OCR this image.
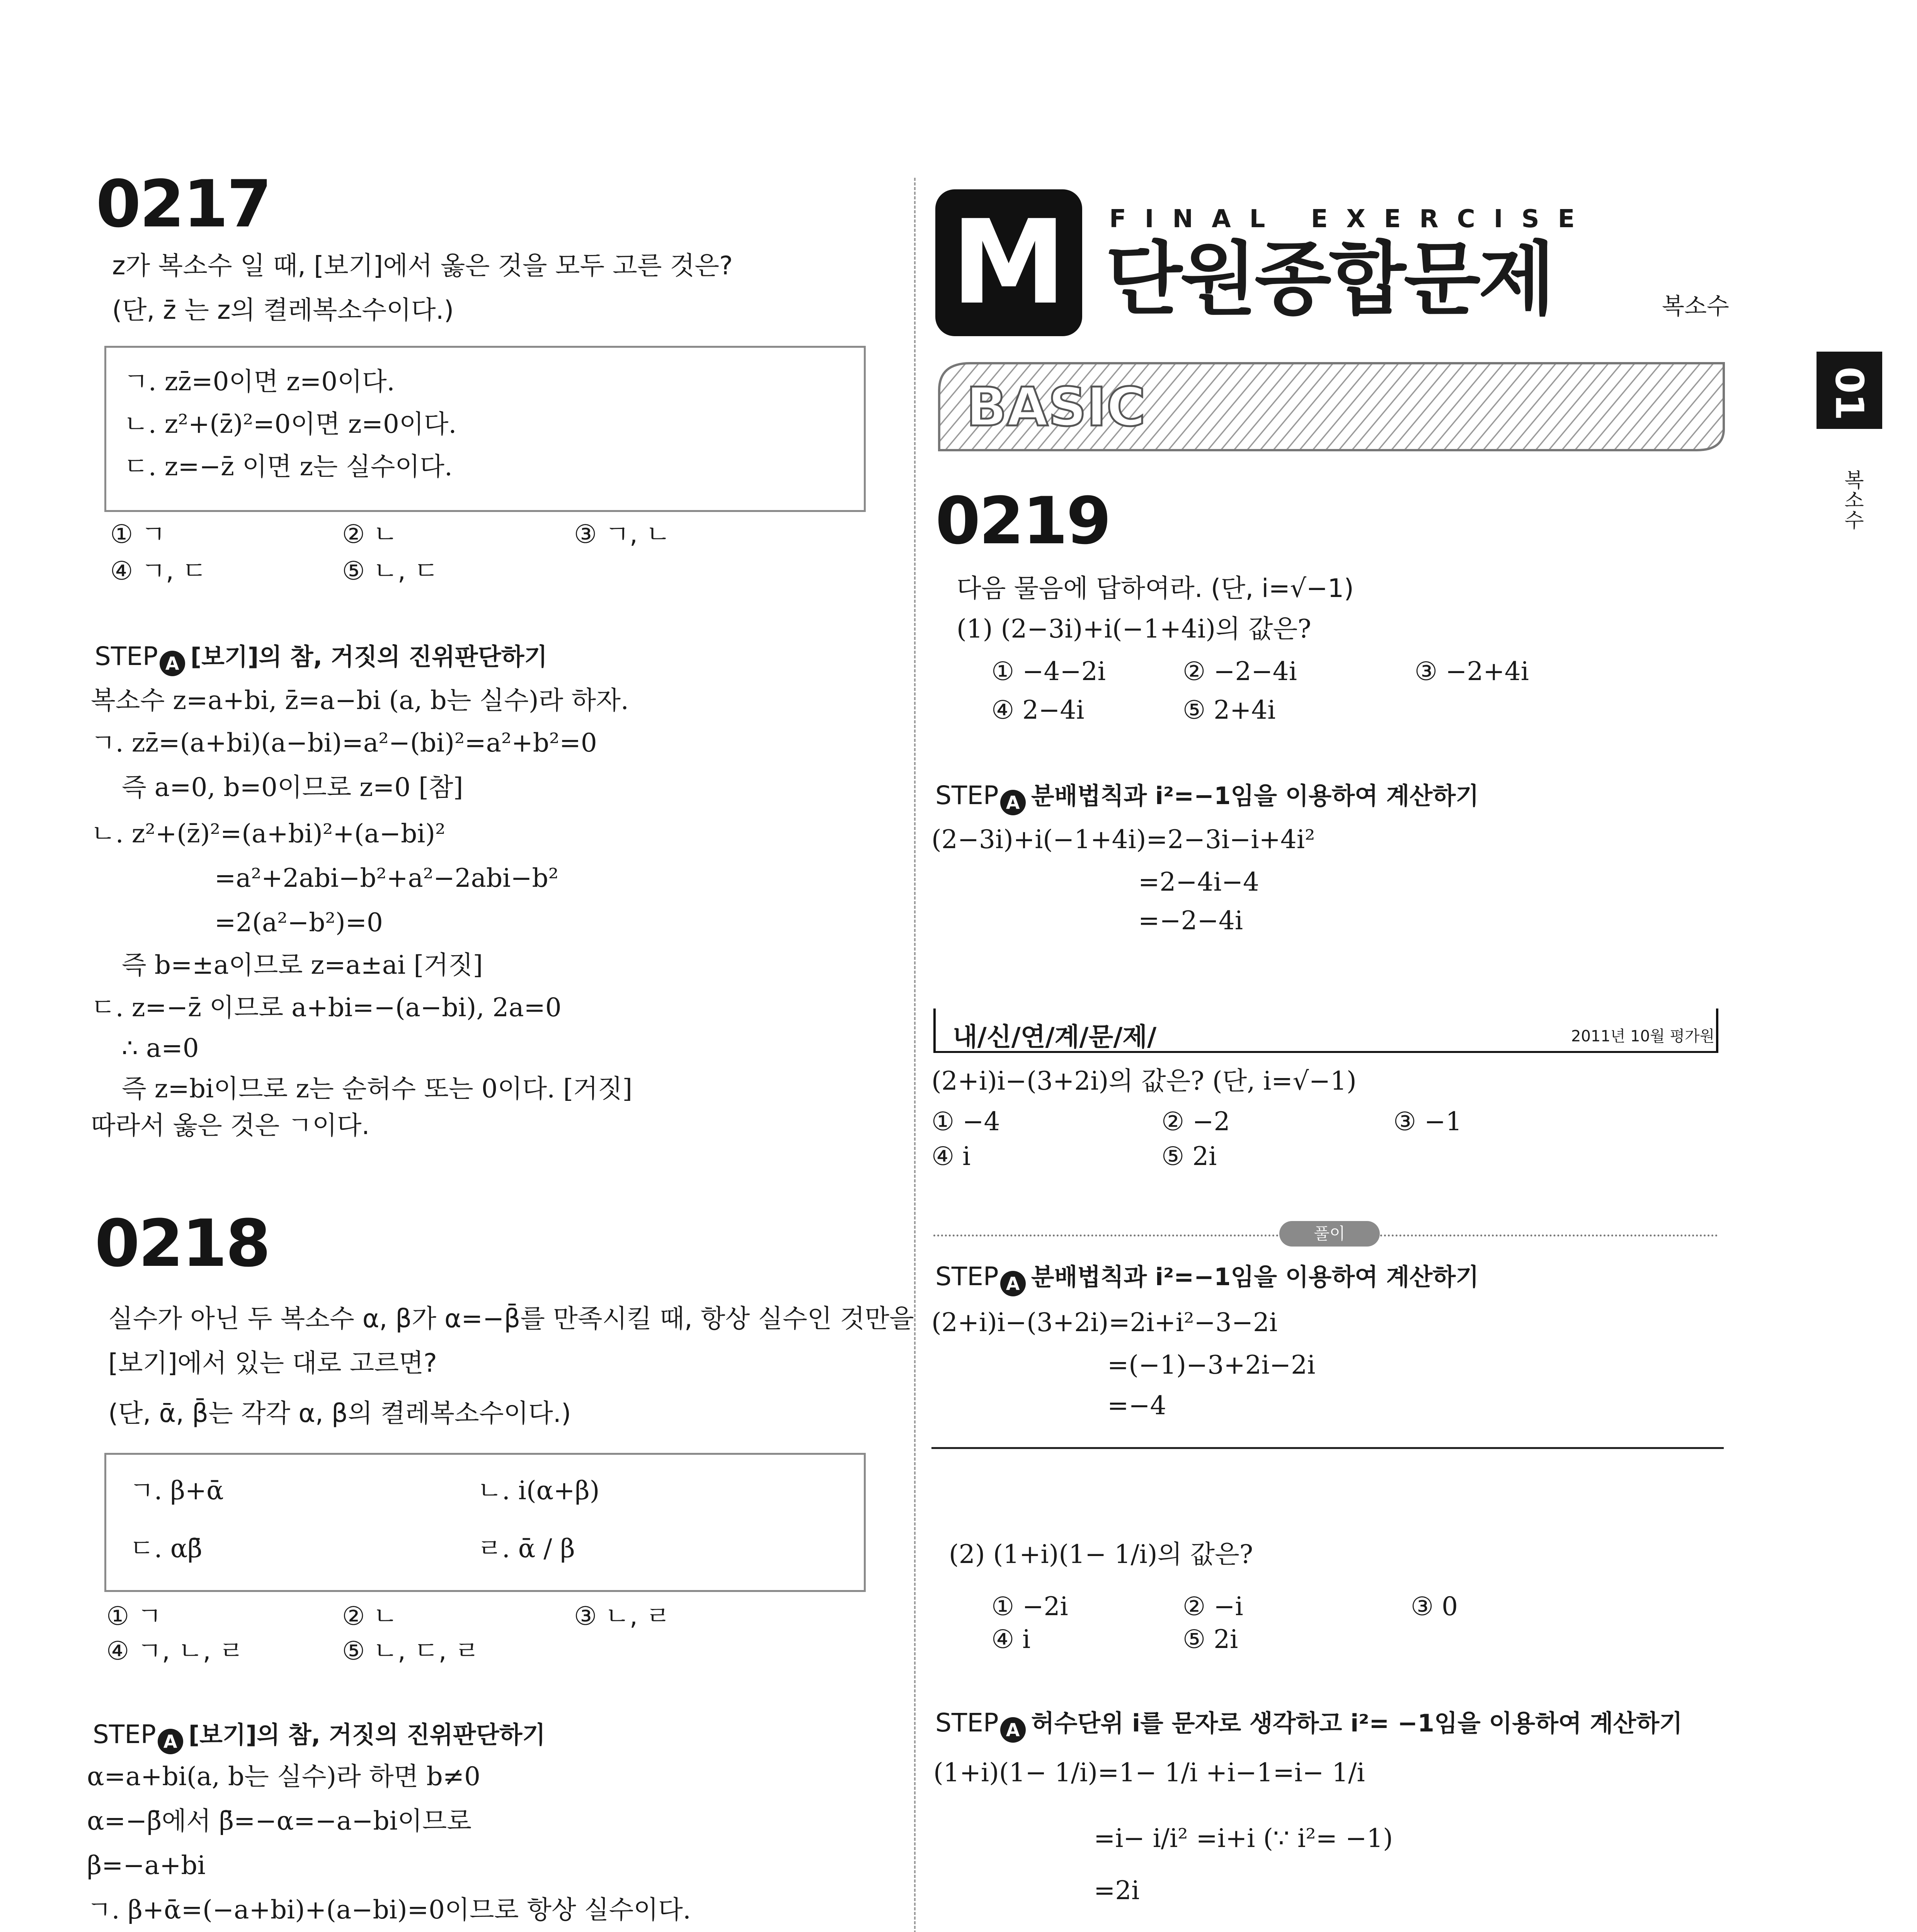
0217
z가 복소수 일 때, [보기]에서 옳은 것을 모두 고른 것은?
(단, z̄ 는 z의 켤레복소수이다.)
ㄱ. zz̄=0이면 z=0이다.
ㄴ. z²+(z̄)²=0이면 z=0이다.
ㄷ. z=−z̄ 이면 z는 실수이다.
① ㄱ	② ㄴ	③ ㄱ, ㄴ
④ ㄱ, ㄷ	⑤ ㄴ, ㄷ
STEP A [보기]의 참, 거짓의 진위판단하기
복소수 z=a+bi, z̄=a−bi (a, b는 실수)라 하자.
ㄱ. zz̄=(a+bi)(a−bi)=a²−(bi)²=a²+b²=0
즉 a=0, b=0이므로 z=0 [참]
ㄴ. z²+(z̄)²=(a+bi)²+(a−bi)²
=a²+2abi−b²+a²−2abi−b²
=2(a²−b²)=0
즉 b=±a이므로 z=a±ai [거짓]
ㄷ. z=−z̄ 이므로 a+bi=−(a−bi), 2a=0
∴ a=0
즉 z=bi이므로 z는 순허수 또는 0이다. [거짓]
따라서 옳은 것은 ㄱ이다.
0218
실수가 아닌 두 복소수 α, β가 α=−β̄를 만족시킬 때, 항상 실수인 것만을
[보기]에서 있는 대로 고르면?
(단, ᾱ, β̄는 각각 α, β의 켤레복소수이다.)
ㄱ. β+ᾱ	ㄴ. i(α+β)
ㄷ. αβ̄	ㄹ. ᾱ / β
① ㄱ	② ㄴ	③ ㄴ, ㄹ
④ ㄱ, ㄴ, ㄹ	⑤ ㄴ, ㄷ, ㄹ
STEP A [보기]의 참, 거짓의 진위판단하기
α=a+bi(a, b는 실수)라 하면 b≠0
α=−β̄에서 β̄=−α=−a−bi이므로
β=−a+bi
ㄱ. β+ᾱ=(−a+bi)+(a−bi)=0이므로 항상 실수이다.
M	FINAL EXERCISE
단원종합문제	복소수
01
복소수
BASIC
0219
다음 물음에 답하여라. (단, i=√−1)
(1) (2−3i)+i(−1+4i)의 값은?
① −4−2i	② −2−4i	③ −2+4i
④ 2−4i	⑤ 2+4i
STEP A 분배법칙과 i²=−1임을 이용하여 계산하기
(2−3i)+i(−1+4i)=2−3i−i+4i²
=2−4i−4
=−2−4i
내/신/연/계/문/제/	2011년 10월 평가원
(2+i)i−(3+2i)의 값은? (단, i=√−1)
① −4	② −2	③ −1
④ i	⑤ 2i
풀이
STEP A 분배법칙과 i²=−1임을 이용하여 계산하기
(2+i)i−(3+2i)=2i+i²−3−2i
=(−1)−3+2i−2i
=−4
(2) (1+i)(1− 1/i)의 값은?
① −2i	② −i	③ 0
④ i	⑤ 2i
STEP A 허수단위 i를 문자로 생각하고 i²= −1임을 이용하여 계산하기
(1+i)(1− 1/i)=1− 1/i +i−1=i− 1/i
=i− i/i² =i+i (∵ i²= −1)
=2i
